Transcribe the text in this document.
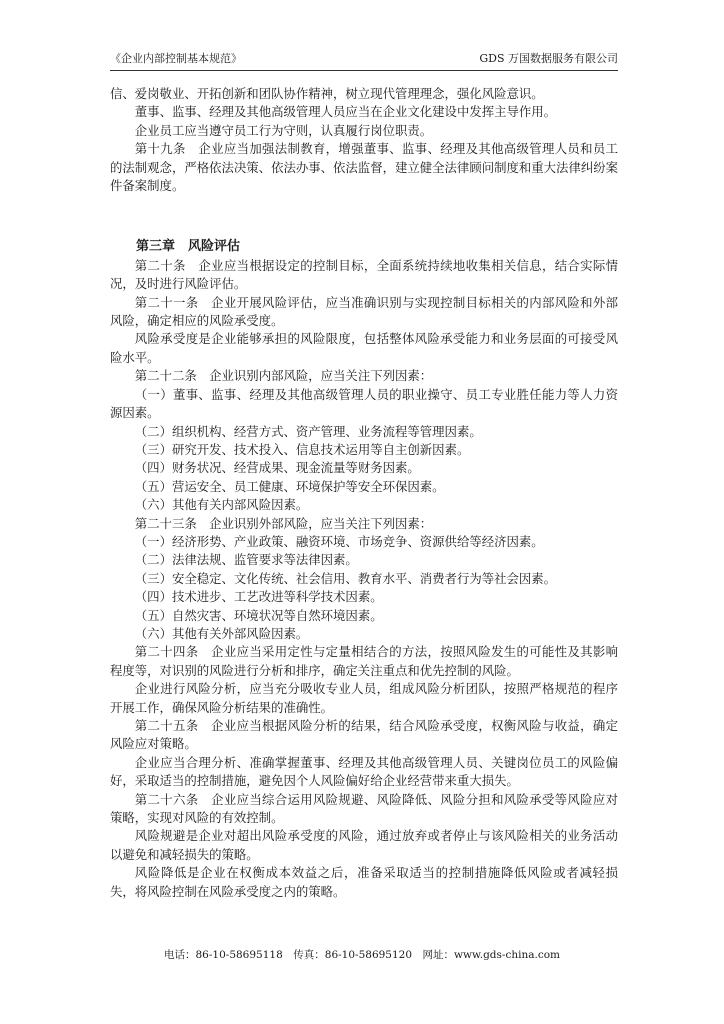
《企业内部控制基本规范》	GDS 万国数据服务有限公司

信、爱岗敬业、开拓创新和团队协作精神，树立现代管理理念，强化风险意识。

董事、监事、经理及其他高级管理人员应当在企业文化建设中发挥主导作用。

企业员工应当遵守员工行为守则，认真履行岗位职责。

第十九条　企业应当加强法制教育，增强董事、监事、经理及其他高级管理人员和员工的法制观念，严格依法决策、依法办事、依法监督，建立健全法律顾问制度和重大法律纠纷案件备案制度。

第三章　风险评估

第二十条　企业应当根据设定的控制目标，全面系统持续地收集相关信息，结合实际情况，及时进行风险评估。

第二十一条　企业开展风险评估，应当准确识别与实现控制目标相关的内部风险和外部风险，确定相应的风险承受度。

风险承受度是企业能够承担的风险限度，包括整体风险承受能力和业务层面的可接受风险水平。

第二十二条　企业识别内部风险，应当关注下列因素：

（一）董事、监事、经理及其他高级管理人员的职业操守、员工专业胜任能力等人力资源因素。

（二）组织机构、经营方式、资产管理、业务流程等管理因素。

（三）研究开发、技术投入、信息技术运用等自主创新因素。

（四）财务状况、经营成果、现金流量等财务因素。

（五）营运安全、员工健康、环境保护等安全环保因素。

（六）其他有关内部风险因素。

第二十三条　企业识别外部风险，应当关注下列因素：

（一）经济形势、产业政策、融资环境、市场竞争、资源供给等经济因素。

（二）法律法规、监管要求等法律因素。

（三）安全稳定、文化传统、社会信用、教育水平、消费者行为等社会因素。

（四）技术进步、工艺改进等科学技术因素。

（五）自然灾害、环境状况等自然环境因素。

（六）其他有关外部风险因素。

第二十四条　企业应当采用定性与定量相结合的方法，按照风险发生的可能性及其影响程度等，对识别的风险进行分析和排序，确定关注重点和优先控制的风险。

企业进行风险分析，应当充分吸收专业人员，组成风险分析团队，按照严格规范的程序开展工作，确保风险分析结果的准确性。

第二十五条　企业应当根据风险分析的结果，结合风险承受度，权衡风险与收益，确定风险应对策略。

企业应当合理分析、准确掌握董事、经理及其他高级管理人员、关键岗位员工的风险偏好，采取适当的控制措施，避免因个人风险偏好给企业经营带来重大损失。

第二十六条　企业应当综合运用风险规避、风险降低、风险分担和风险承受等风险应对策略，实现对风险的有效控制。

风险规避是企业对超出风险承受度的风险，通过放弃或者停止与该风险相关的业务活动以避免和减轻损失的策略。

风险降低是企业在权衡成本效益之后，准备采取适当的控制措施降低风险或者减轻损失，将风险控制在风险承受度之内的策略。

电话：86-10-58695118　传真：86-10-58695120　网址：www.gds-china.com
